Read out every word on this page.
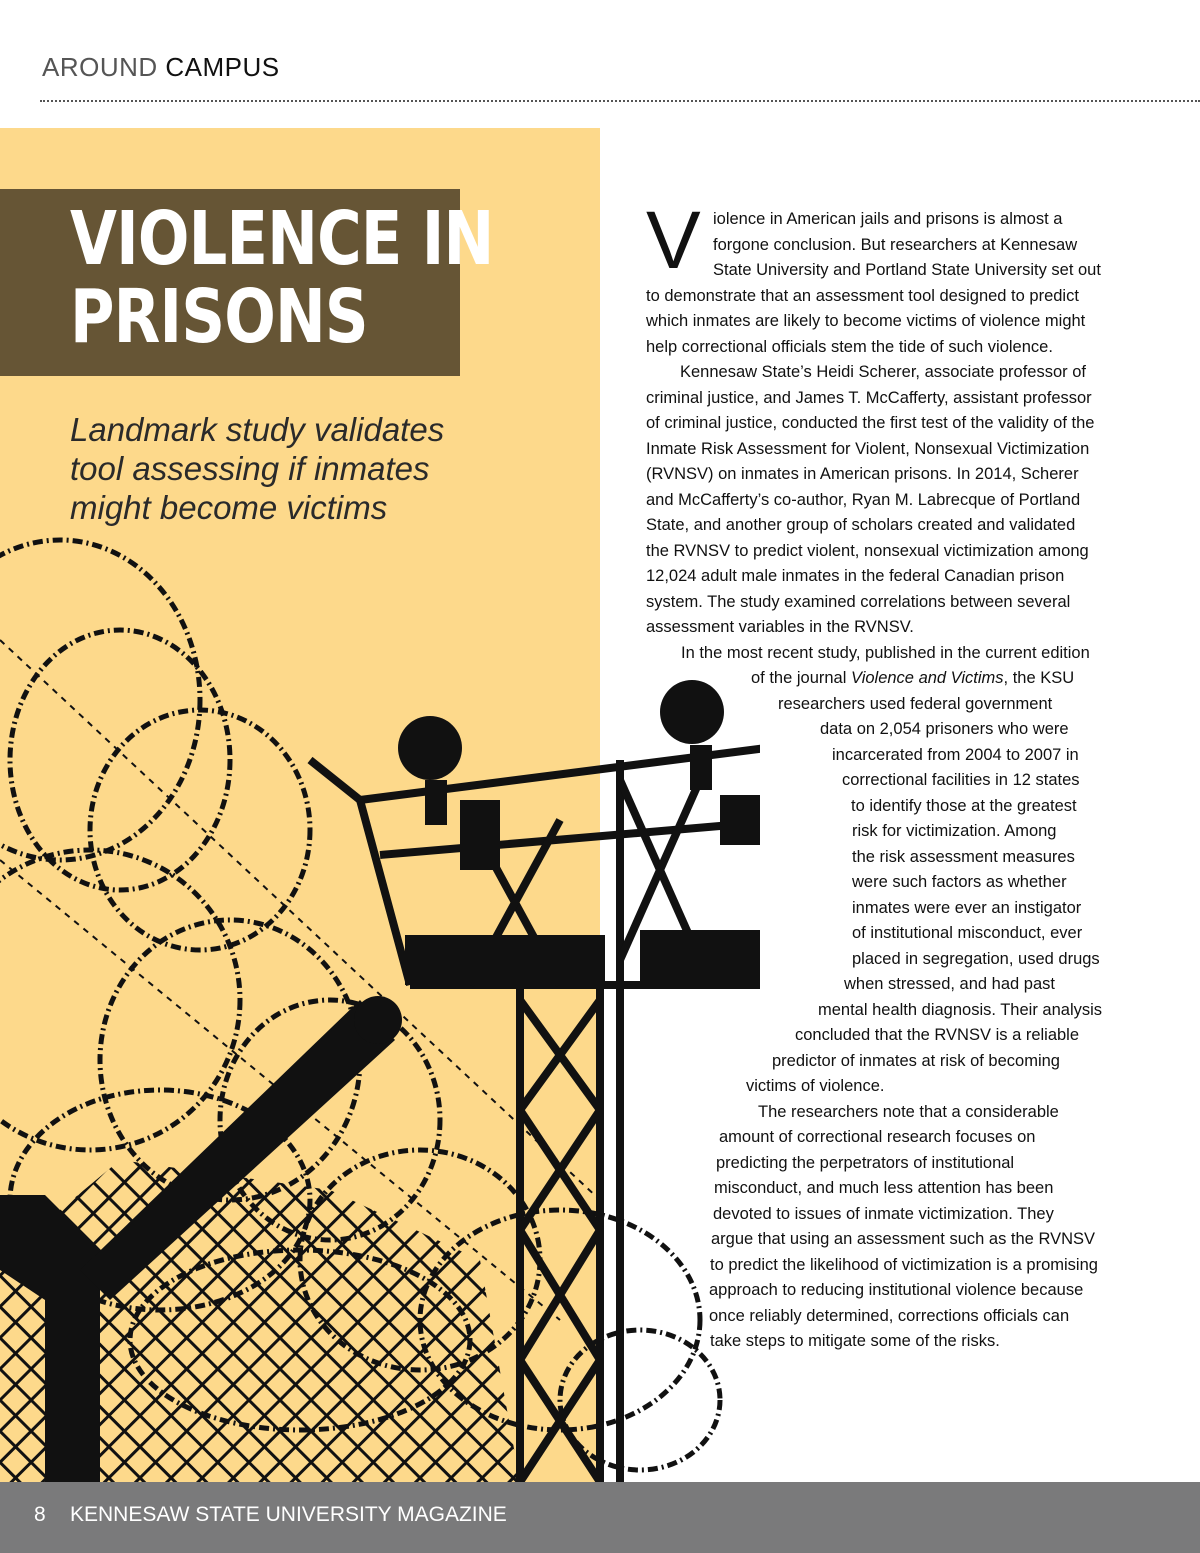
AROUND CAMPUS
VIOLENCE IN
PRISONS

Landmark study validates tool assessing if inmates might become victims

V iolence in American jails and prisons is almost a

forgone conclusion. But researchers at Kennesaw

State University and Portland State University set out

to demonstrate that an assessment tool designed to predict

which inmates are likely to become victims of violence might

help correctional officials stem the tide of such violence.

Kennesaw State’s Heidi Scherer, associate professor of

criminal justice, and James T. McCafferty, assistant professor

of criminal justice, conducted the first test of the validity of the

Inmate Risk Assessment for Violent, Nonsexual Victimization

(RVNSV) on inmates in American prisons. In 2014, Scherer

and McCafferty’s co-author, Ryan M. Labrecque of Portland

State, and another group of scholars created and validated

the RVNSV to predict violent, nonsexual victimization among

12,024 adult male inmates in the federal Canadian prison

system. The study examined correlations between several

assessment variables in the RVNSV.

In the most recent study, published in the current edition

of the journal Violence and Victims, the KSU

researchers used federal government

data on 2,054 prisoners who were

incarcerated from 2004 to 2007 in

correctional facilities in 12 states

to identify those at the greatest

risk for victimization. Among

the risk assessment measures

were such factors as whether

inmates were ever an instigator

of institutional misconduct, ever

placed in segregation, used drugs

when stressed, and had past

mental health diagnosis. Their analysis

concluded that the RVNSV is a reliable

predictor of inmates at risk of becoming

victims of violence.

The researchers note that a considerable

amount of correctional research focuses on

predicting the perpetrators of institutional

misconduct, and much less attention has been

devoted to issues of inmate victimization. They

argue that using an assessment such as the RVNSV

to predict the likelihood of victimization is a promising

approach to reducing institutional violence because

once reliably determined, corrections officials can

take steps to mitigate some of the risks.

8 KENNESAW STATE UNIVERSITY MAGAZINE
